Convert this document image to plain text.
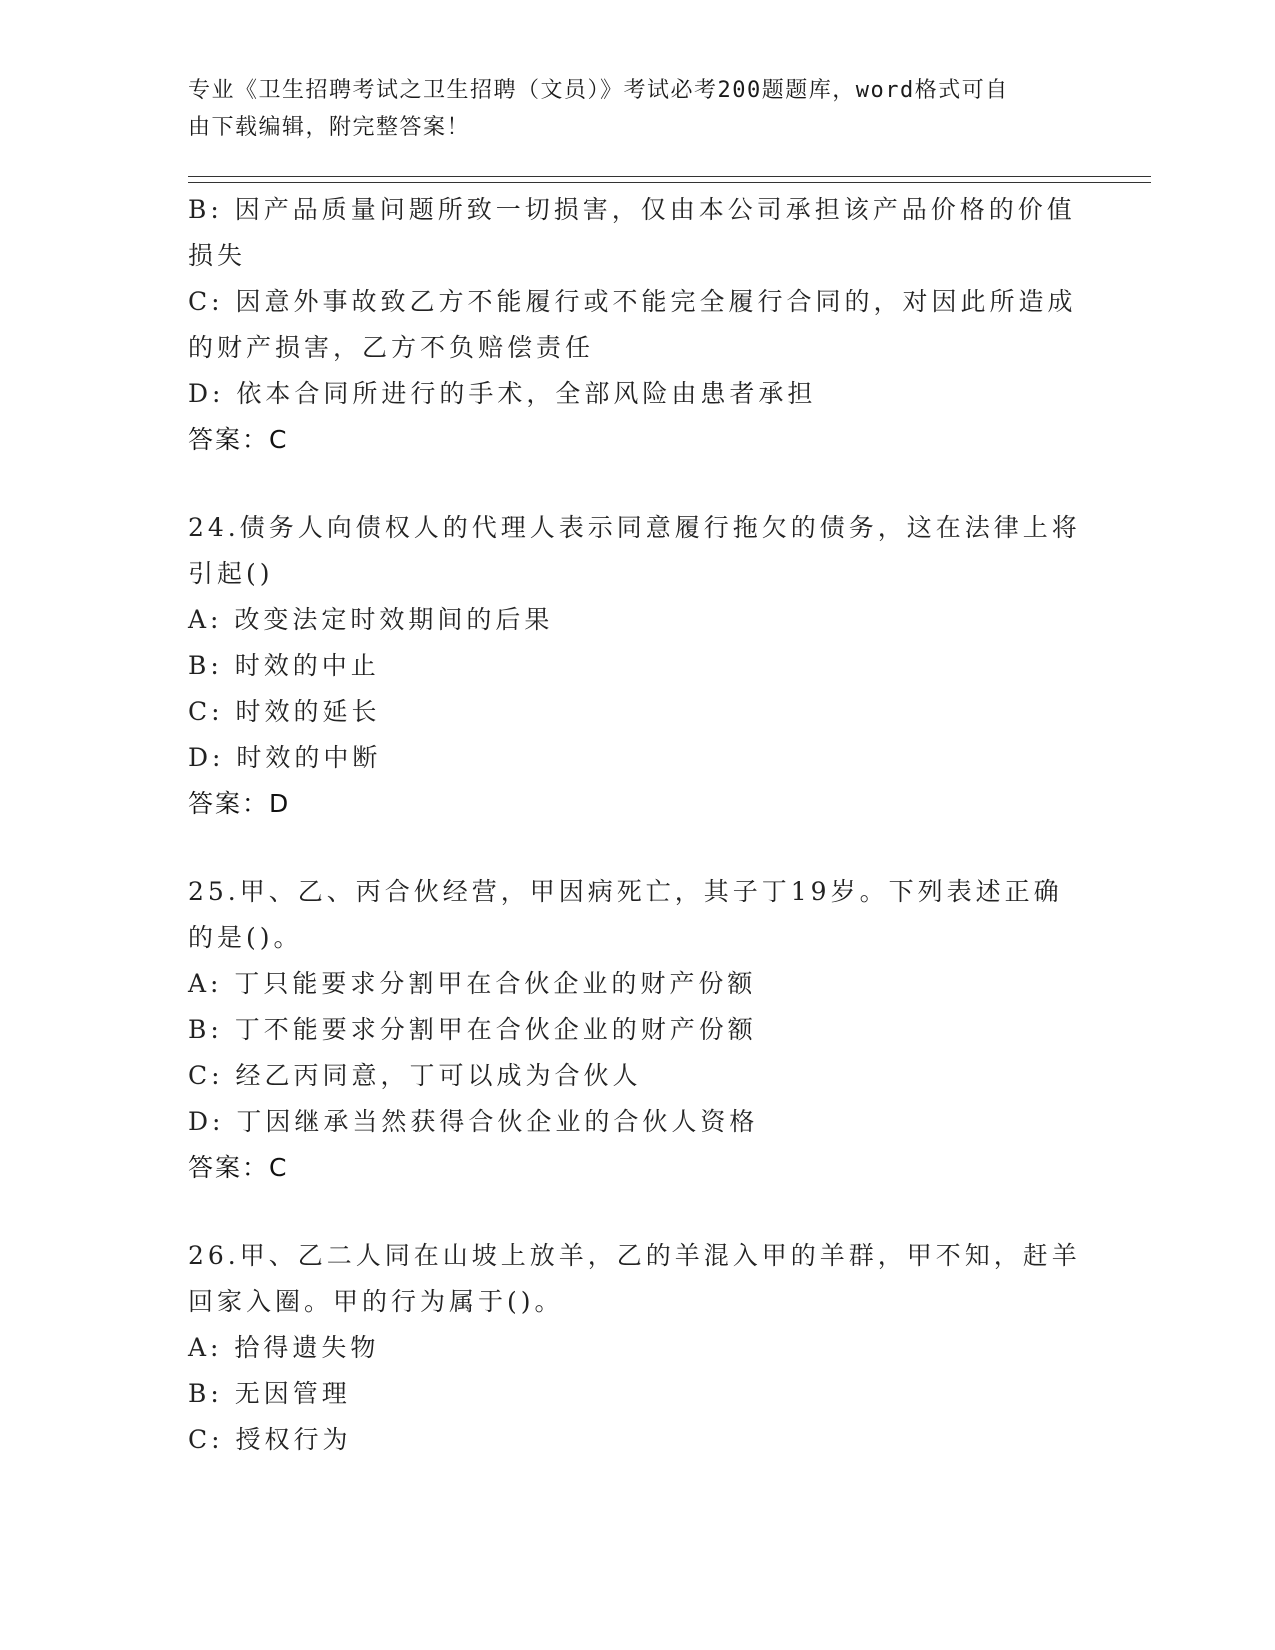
专业《卫生招聘考试之卫生招聘（文员）》考试必考200题题库，word格式可自
由下载编辑，附完整答案！
B: 因产品质量问题所致一切损害，仅由本公司承担该产品价格的价值
损失
C: 因意外事故致乙方不能履行或不能完全履行合同的，对因此所造成
的财产损害，乙方不负赔偿责任
D: 依本合同所进行的手术，全部风险由患者承担
答案：C
24.债务人向债权人的代理人表示同意履行拖欠的债务，这在法律上将
引起()
A: 改变法定时效期间的后果
B: 时效的中止
C: 时效的延长
D: 时效的中断
答案：D
25.甲、乙、丙合伙经营，甲因病死亡，其子丁19岁。下列表述正确
的是()。
A: 丁只能要求分割甲在合伙企业的财产份额
B: 丁不能要求分割甲在合伙企业的财产份额
C: 经乙丙同意，丁可以成为合伙人
D: 丁因继承当然获得合伙企业的合伙人资格
答案：C
26.甲、乙二人同在山坡上放羊，乙的羊混入甲的羊群，甲不知，赶羊
回家入圈。甲的行为属于()。
A: 拾得遗失物
B: 无因管理
C: 授权行为
